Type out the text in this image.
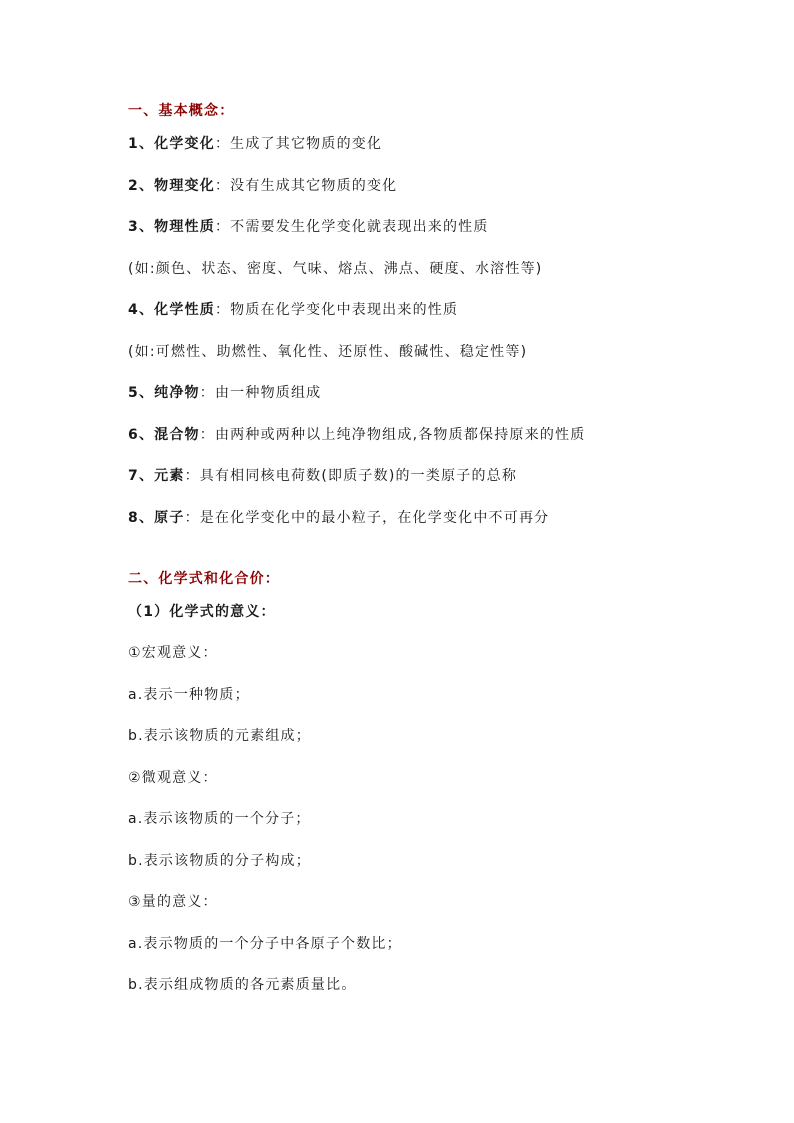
一、基本概念：
1、化学变化：生成了其它物质的变化
2、物理变化：没有生成其它物质的变化
3、物理性质：不需要发生化学变化就表现出来的性质
(如:颜色、状态、密度、气味、熔点、沸点、硬度、水溶性等)
4、化学性质：物质在化学变化中表现出来的性质
(如:可燃性、助燃性、氧化性、还原性、酸碱性、稳定性等)
5、纯净物：由一种物质组成
6、混合物：由两种或两种以上纯净物组成,各物质都保持原来的性质
7、元素：具有相同核电荷数(即质子数)的一类原子的总称
8、原子：是在化学变化中的最小粒子，在化学变化中不可再分
二、化学式和化合价：
（1）化学式的意义：
①宏观意义：
a.表示一种物质；
b.表示该物质的元素组成；
②微观意义：
a.表示该物质的一个分子；
b.表示该物质的分子构成；
③量的意义：
a.表示物质的一个分子中各原子个数比；
b.表示组成物质的各元素质量比。
